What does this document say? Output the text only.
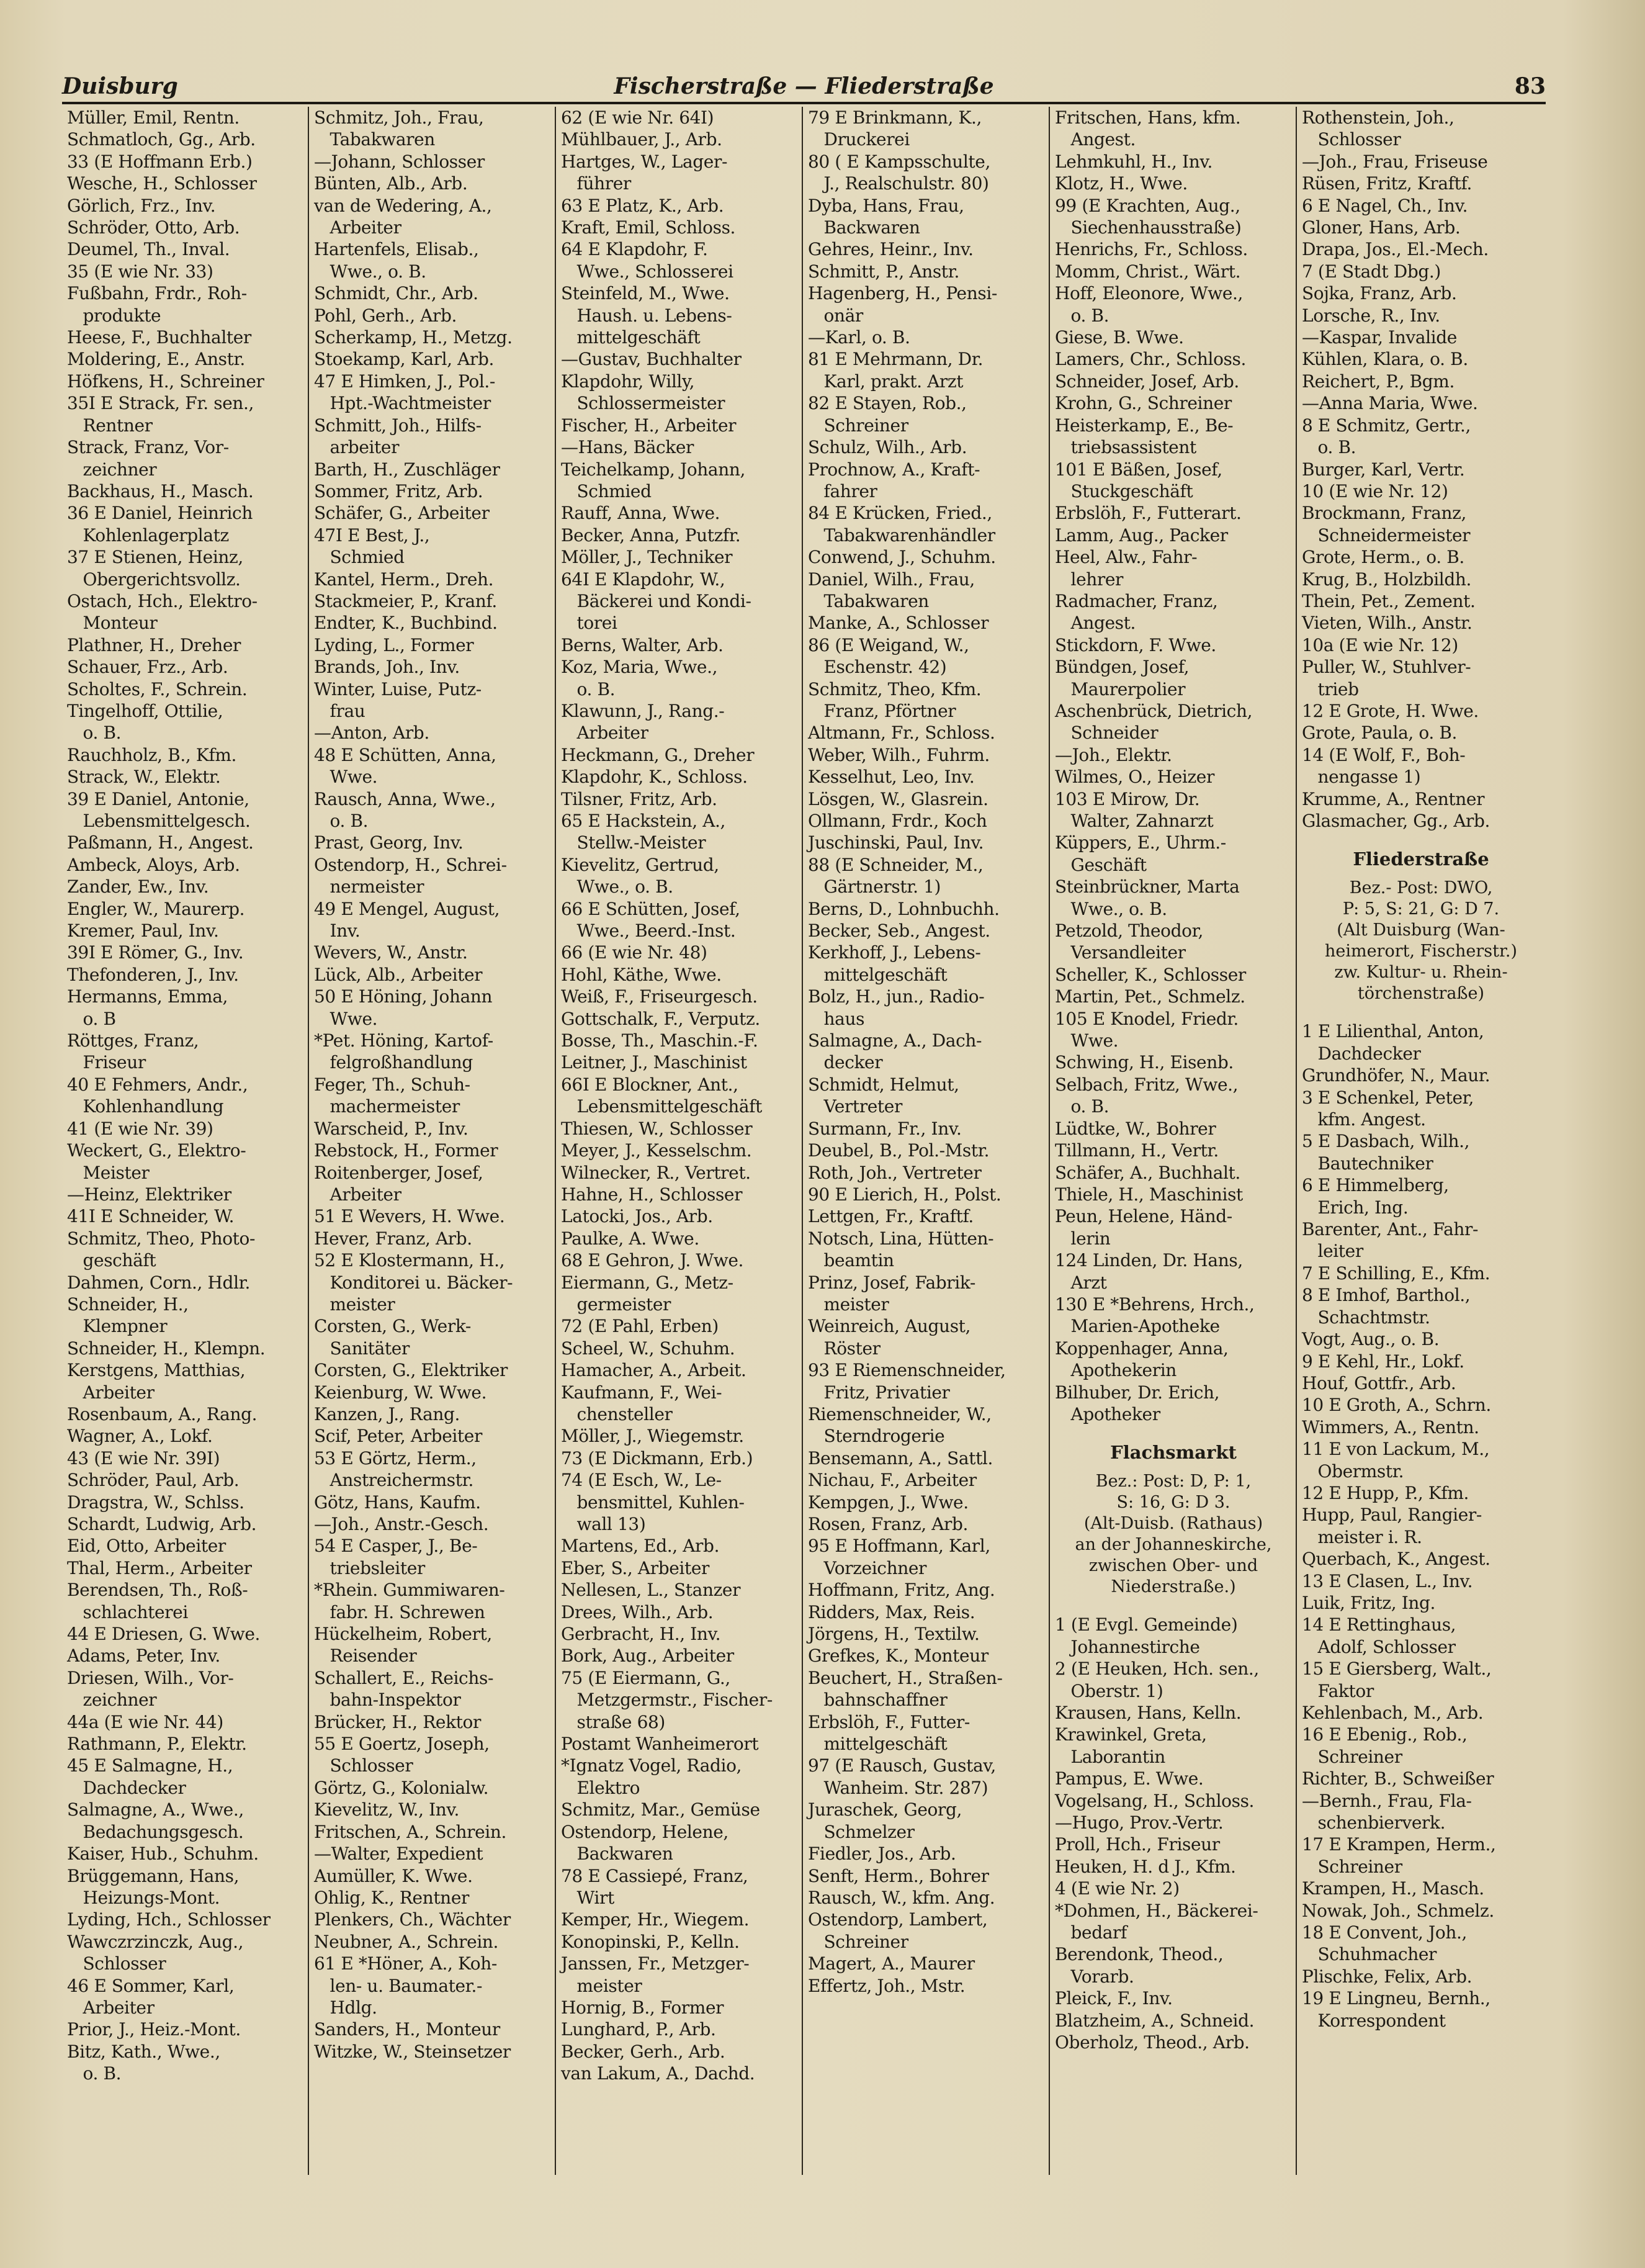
Duisburg	Fischerstraße — Fliederstraße	83
Müller, Emil, Rentn.
Schmatloch, Gg., Arb.
33 (E Hoffmann Erb.)
Wesche, H., Schlosser
Görlich, Frz., Inv.
Schröder, Otto, Arb.
Deumel, Th., Inval.
35 (E wie Nr. 33)
Fußbahn, Frdr., Roh-
produkte
Heese, F., Buchhalter
Moldering, E., Anstr.
Höfkens, H., Schreiner
35I E Strack, Fr. sen.,
Rentner
Strack, Franz, Vor-
zeichner
Backhaus, H., Masch.
36 E Daniel, Heinrich
Kohlenlagerplatz
37 E Stienen, Heinz,
Obergerichtsvollz.
Ostach, Hch., Elektro-
Monteur
Plathner, H., Dreher
Schauer, Frz., Arb.
Scholtes, F., Schrein.
Tingelhoff, Ottilie,
o. B.
Rauchholz, B., Kfm.
Strack, W., Elektr.
39 E Daniel, Antonie,
Lebensmittelgesch.
Paßmann, H., Angest.
Ambeck, Aloys, Arb.
Zander, Ew., Inv.
Engler, W., Maurerp.
Kremer, Paul, Inv.
39I E Römer, G., Inv.
Thefonderen, J., Inv.
Hermanns, Emma,
o. B
Röttges, Franz,
Friseur
40 E Fehmers, Andr.,
Kohlenhandlung
41 (E wie Nr. 39)
Weckert, G., Elektro-
Meister
—Heinz, Elektriker
41I E Schneider, W.
Schmitz, Theo, Photo-
geschäft
Dahmen, Corn., Hdlr.
Schneider, H.,
Klempner
Schneider, H., Klempn.
Kerstgens, Matthias,
Arbeiter
Rosenbaum, A., Rang.
Wagner, A., Lokf.
43 (E wie Nr. 39I)
Schröder, Paul, Arb.
Dragstra, W., Schlss.
Schardt, Ludwig, Arb.
Eid, Otto, Arbeiter
Thal, Herm., Arbeiter
Berendsen, Th., Roß-
schlachterei
44 E Driesen, G. Wwe.
Adams, Peter, Inv.
Driesen, Wilh., Vor-
zeichner
44a (E wie Nr. 44)
Rathmann, P., Elektr.
45 E Salmagne, H.,
Dachdecker
Salmagne, A., Wwe.,
Bedachungsgesch.
Kaiser, Hub., Schuhm.
Brüggemann, Hans,
Heizungs-Mont.
Lyding, Hch., Schlosser
Wawczrzinczk, Aug.,
Schlosser
46 E Sommer, Karl,
Arbeiter
Prior, J., Heiz.-Mont.
Bitz, Kath., Wwe.,
o. B.
Schmitz, Joh., Frau,
Tabakwaren
—Johann, Schlosser
Bünten, Alb., Arb.
van de Wedering, A.,
Arbeiter
Hartenfels, Elisab.,
Wwe., o. B.
Schmidt, Chr., Arb.
Pohl, Gerh., Arb.
Scherkamp, H., Metzg.
Stoekamp, Karl, Arb.
47 E Himken, J., Pol.-
Hpt.-Wachtmeister
Schmitt, Joh., Hilfs-
arbeiter
Barth, H., Zuschläger
Sommer, Fritz, Arb.
Schäfer, G., Arbeiter
47I E Best, J.,
Schmied
Kantel, Herm., Dreh.
Stackmeier, P., Kranf.
Endter, K., Buchbind.
Lyding, L., Former
Brands, Joh., Inv.
Winter, Luise, Putz-
frau
—Anton, Arb.
48 E Schütten, Anna,
Wwe.
Rausch, Anna, Wwe.,
o. B.
Prast, Georg, Inv.
Ostendorp, H., Schrei-
nermeister
49 E Mengel, August,
Inv.
Wevers, W., Anstr.
Lück, Alb., Arbeiter
50 E Höning, Johann
Wwe.
*Pet. Höning, Kartof-
felgroßhandlung
Feger, Th., Schuh-
machermeister
Warscheid, P., Inv.
Rebstock, H., Former
Roitenberger, Josef,
Arbeiter
51 E Wevers, H. Wwe.
Hever, Franz, Arb.
52 E Klostermann, H.,
Konditorei u. Bäcker-
meister
Corsten, G., Werk-
Sanitäter
Corsten, G., Elektriker
Keienburg, W. Wwe.
Kanzen, J., Rang.
Scif, Peter, Arbeiter
53 E Görtz, Herm.,
Anstreichermstr.
Götz, Hans, Kaufm.
—Joh., Anstr.-Gesch.
54 E Casper, J., Be-
triebsleiter
*Rhein. Gummiwaren-
fabr. H. Schrewen
Hückelheim, Robert,
Reisender
Schallert, E., Reichs-
bahn-Inspektor
Brücker, H., Rektor
55 E Goertz, Joseph,
Schlosser
Görtz, G., Kolonialw.
Kievelitz, W., Inv.
Fritschen, A., Schrein.
—Walter, Expedient
Aumüller, K. Wwe.
Ohlig, K., Rentner
Plenkers, Ch., Wächter
Neubner, A., Schrein.
61 E *Höner, A., Koh-
len- u. Baumater.-
Hdlg.
Sanders, H., Monteur
Witzke, W., Steinsetzer
62 (E wie Nr. 64I)
Mühlbauer, J., Arb.
Hartges, W., Lager-
führer
63 E Platz, K., Arb.
Kraft, Emil, Schloss.
64 E Klapdohr, F.
Wwe., Schlosserei
Steinfeld, M., Wwe.
Haush. u. Lebens-
mittelgeschäft
—Gustav, Buchhalter
Klapdohr, Willy,
Schlossermeister
Fischer, H., Arbeiter
—Hans, Bäcker
Teichelkamp, Johann,
Schmied
Rauff, Anna, Wwe.
Becker, Anna, Putzfr.
Möller, J., Techniker
64I E Klapdohr, W.,
Bäckerei und Kondi-
torei
Berns, Walter, Arb.
Koz, Maria, Wwe.,
o. B.
Klawunn, J., Rang.-
Arbeiter
Heckmann, G., Dreher
Klapdohr, K., Schloss.
Tilsner, Fritz, Arb.
65 E Hackstein, A.,
Stellw.-Meister
Kievelitz, Gertrud,
Wwe., o. B.
66 E Schütten, Josef,
Wwe., Beerd.-Inst.
66 (E wie Nr. 48)
Hohl, Käthe, Wwe.
Weiß, F., Friseurgesch.
Gottschalk, F., Verputz.
Bosse, Th., Maschin.-F.
Leitner, J., Maschinist
66I E Blockner, Ant.,
Lebensmittelgeschäft
Thiesen, W., Schlosser
Meyer, J., Kesselschm.
Wilnecker, R., Vertret.
Hahne, H., Schlosser
Latocki, Jos., Arb.
Paulke, A. Wwe.
68 E Gehron, J. Wwe.
Eiermann, G., Metz-
germeister
72 (E Pahl, Erben)
Scheel, W., Schuhm.
Hamacher, A., Arbeit.
Kaufmann, F., Wei-
chensteller
Möller, J., Wiegemstr.
73 (E Dickmann, Erb.)
74 (E Esch, W., Le-
bensmittel, Kuhlen-
wall 13)
Martens, Ed., Arb.
Eber, S., Arbeiter
Nellesen, L., Stanzer
Drees, Wilh., Arb.
Gerbracht, H., Inv.
Bork, Aug., Arbeiter
75 (E Eiermann, G.,
Metzgermstr., Fischer-
straße 68)
Postamt Wanheimerort
*Ignatz Vogel, Radio,
Elektro
Schmitz, Mar., Gemüse
Ostendorp, Helene,
Backwaren
78 E Cassiepé, Franz,
Wirt
Kemper, Hr., Wiegem.
Konopinski, P., Kelln.
Janssen, Fr., Metzger-
meister
Hornig, B., Former
Lunghard, P., Arb.
Becker, Gerh., Arb.
van Lakum, A., Dachd.
79 E Brinkmann, K.,
Druckerei
80 ( E Kampsschulte,
J., Realschulstr. 80)
Dyba, Hans, Frau,
Backwaren
Gehres, Heinr., Inv.
Schmitt, P., Anstr.
Hagenberg, H., Pensi-
onär
—Karl, o. B.
81 E Mehrmann, Dr.
Karl, prakt. Arzt
82 E Stayen, Rob.,
Schreiner
Schulz, Wilh., Arb.
Prochnow, A., Kraft-
fahrer
84 E Krücken, Fried.,
Tabakwarenhändler
Conwend, J., Schuhm.
Daniel, Wilh., Frau,
Tabakwaren
Manke, A., Schlosser
86 (E Weigand, W.,
Eschenstr. 42)
Schmitz, Theo, Kfm.
Franz, Pförtner
Altmann, Fr., Schloss.
Weber, Wilh., Fuhrm.
Kesselhut, Leo, Inv.
Lösgen, W., Glasrein.
Ollmann, Frdr., Koch
Juschinski, Paul, Inv.
88 (E Schneider, M.,
Gärtnerstr. 1)
Berns, D., Lohnbuchh.
Becker, Seb., Angest.
Kerkhoff, J., Lebens-
mittelgeschäft
Bolz, H., jun., Radio-
haus
Salmagne, A., Dach-
decker
Schmidt, Helmut,
Vertreter
Surmann, Fr., Inv.
Deubel, B., Pol.-Mstr.
Roth, Joh., Vertreter
90 E Lierich, H., Polst.
Lettgen, Fr., Kraftf.
Notsch, Lina, Hütten-
beamtin
Prinz, Josef, Fabrik-
meister
Weinreich, August,
Röster
93 E Riemenschneider,
Fritz, Privatier
Riemenschneider, W.,
Sterndrogerie
Bensemann, A., Sattl.
Nichau, F., Arbeiter
Kempgen, J., Wwe.
Rosen, Franz, Arb.
95 E Hoffmann, Karl,
Vorzeichner
Hoffmann, Fritz, Ang.
Ridders, Max, Reis.
Jörgens, H., Textilw.
Grefkes, K., Monteur
Beuchert, H., Straßen-
bahnschaffner
Erbslöh, F., Futter-
mittelgeschäft
97 (E Rausch, Gustav,
Wanheim. Str. 287)
Juraschek, Georg,
Schmelzer
Fiedler, Jos., Arb.
Senft, Herm., Bohrer
Rausch, W., kfm. Ang.
Ostendorp, Lambert,
Schreiner
Magert, A., Maurer
Effertz, Joh., Mstr.
Fritschen, Hans, kfm.
Angest.
Lehmkuhl, H., Inv.
Klotz, H., Wwe.
99 (E Krachten, Aug.,
Siechenhausstraße)
Henrichs, Fr., Schloss.
Momm, Christ., Wärt.
Hoff, Eleonore, Wwe.,
o. B.
Giese, B. Wwe.
Lamers, Chr., Schloss.
Schneider, Josef, Arb.
Krohn, G., Schreiner
Heisterkamp, E., Be-
triebsassistent
101 E Bäßen, Josef,
Stuckgeschäft
Erbslöh, F., Futterart.
Lamm, Aug., Packer
Heel, Alw., Fahr-
lehrer
Radmacher, Franz,
Angest.
Stickdorn, F. Wwe.
Bündgen, Josef,
Maurerpolier
Aschenbrück, Dietrich,
Schneider
—Joh., Elektr.
Wilmes, O., Heizer
103 E Mirow, Dr.
Walter, Zahnarzt
Küppers, E., Uhrm.-
Geschäft
Steinbrückner, Marta
Wwe., o. B.
Petzold, Theodor,
Versandleiter
Scheller, K., Schlosser
Martin, Pet., Schmelz.
105 E Knodel, Friedr.
Wwe.
Schwing, H., Eisenb.
Selbach, Fritz, Wwe.,
o. B.
Lüdtke, W., Bohrer
Tillmann, H., Vertr.
Schäfer, A., Buchhalt.
Thiele, H., Maschinist
Peun, Helene, Händ-
lerin
124 Linden, Dr. Hans,
Arzt
130 E *Behrens, Hrch.,
Marien-Apotheke
Koppenhager, Anna,
Apothekerin
Bilhuber, Dr. Erich,
Apotheker
Flachsmarkt
Bez.: Post: D, P: 1,
S: 16, G: D 3.
(Alt-Duisb. (Rathaus)
an der Johanneskirche,
zwischen Ober- und
Niederstraße.)
1 (E Evgl. Gemeinde)
Johannestirche
2 (E Heuken, Hch. sen.,
Oberstr. 1)
Krausen, Hans, Kelln.
Krawinkel, Greta,
Laborantin
Pampus, E. Wwe.
Vogelsang, H., Schloss.
—Hugo, Prov.-Vertr.
Proll, Hch., Friseur
Heuken, H. d J., Kfm.
4 (E wie Nr. 2)
*Dohmen, H., Bäckerei-
bedarf
Berendonk, Theod.,
Vorarb.
Pleick, F., Inv.
Blatzheim, A., Schneid.
Oberholz, Theod., Arb.
Rothenstein, Joh.,
Schlosser
—Joh., Frau, Friseuse
Rüsen, Fritz, Kraftf.
6 E Nagel, Ch., Inv.
Gloner, Hans, Arb.
Drapa, Jos., El.-Mech.
7 (E Stadt Dbg.)
Sojka, Franz, Arb.
Lorsche, R., Inv.
—Kaspar, Invalide
Kühlen, Klara, o. B.
Reichert, P., Bgm.
—Anna Maria, Wwe.
8 E Schmitz, Gertr.,
o. B.
Burger, Karl, Vertr.
10 (E wie Nr. 12)
Brockmann, Franz,
Schneidermeister
Grote, Herm., o. B.
Krug, B., Holzbildh.
Thein, Pet., Zement.
Vieten, Wilh., Anstr.
10a (E wie Nr. 12)
Puller, W., Stuhlver-
trieb
12 E Grote, H. Wwe.
Grote, Paula, o. B.
14 (E Wolf, F., Boh-
nengasse 1)
Krumme, A., Rentner
Glasmacher, Gg., Arb.
Fliederstraße
Bez.- Post: DWO,
P: 5, S: 21, G: D 7.
(Alt Duisburg (Wan-
heimerort, Fischerstr.)
zw. Kultur- u. Rhein-
törchenstraße)
1 E Lilienthal, Anton,
Dachdecker
Grundhöfer, N., Maur.
3 E Schenkel, Peter,
kfm. Angest.
5 E Dasbach, Wilh.,
Bautechniker
6 E Himmelberg,
Erich, Ing.
Barenter, Ant., Fahr-
leiter
7 E Schilling, E., Kfm.
8 E Imhof, Barthol.,
Schachtmstr.
Vogt, Aug., o. B.
9 E Kehl, Hr., Lokf.
Houf, Gottfr., Arb.
10 E Groth, A., Schrn.
Wimmers, A., Rentn.
11 E von Lackum, M.,
Obermstr.
12 E Hupp, P., Kfm.
Hupp, Paul, Rangier-
meister i. R.
Querbach, K., Angest.
13 E Clasen, L., Inv.
Luik, Fritz, Ing.
14 E Rettinghaus,
Adolf, Schlosser
15 E Giersberg, Walt.,
Faktor
Kehlenbach, M., Arb.
16 E Ebenig., Rob.,
Schreiner
Richter, B., Schweißer
—Bernh., Frau, Fla-
schenbierverk.
17 E Krampen, Herm.,
Schreiner
Krampen, H., Masch.
Nowak, Joh., Schmelz.
18 E Convent, Joh.,
Schuhmacher
Plischke, Felix, Arb.
19 E Lingneu, Bernh.,
Korrespondent
